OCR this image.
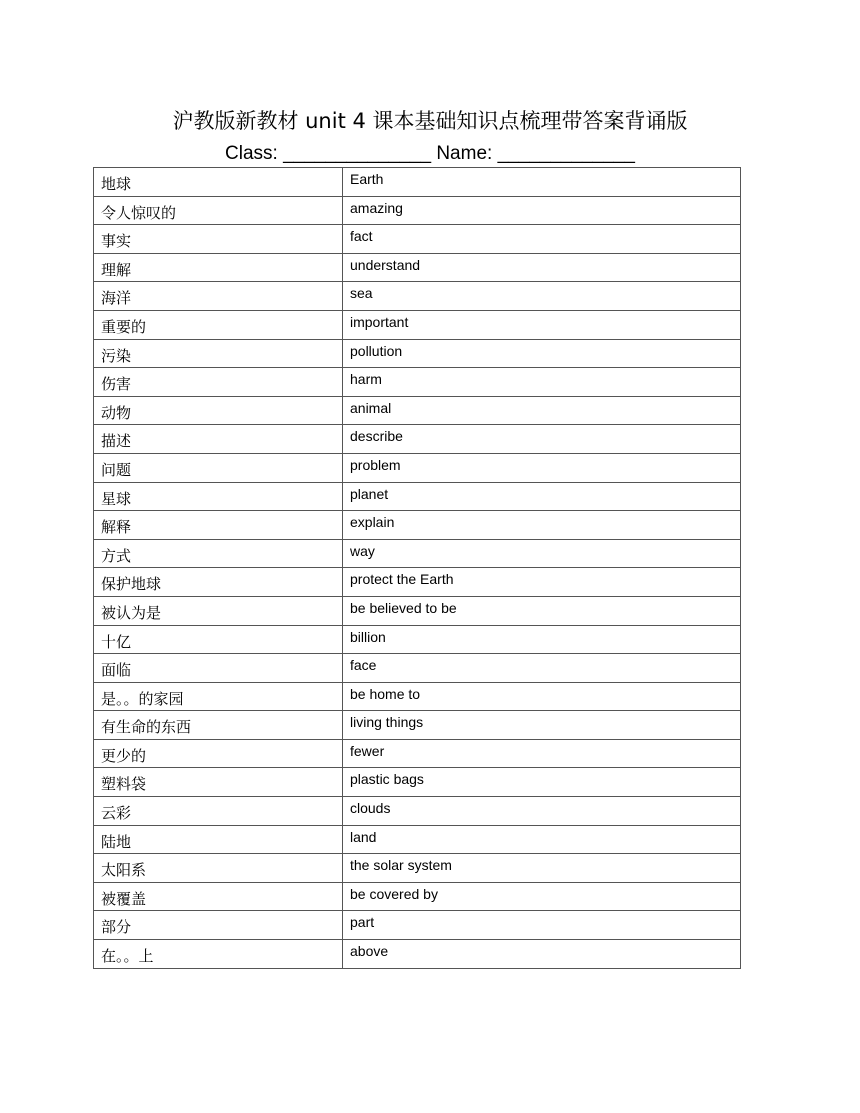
沪教版新教材 unit 4 课本基础知识点梳理带答案背诵版
Class: ______________ Name: _____________
地球	Earth
令人惊叹的	amazing
事实	fact
理解	understand
海洋	sea
重要的	important
污染	pollution
伤害	harm
动物	animal
描述	describe
问题	problem
星球	planet
解释	explain
方式	way
保护地球	protect the Earth
被认为是	be believed to be
十亿	billion
面临	face
是。。的家园	be home to
有生命的东西	living things
更少的	fewer
塑料袋	plastic bags
云彩	clouds
陆地	land
太阳系	the solar system
被覆盖	be covered by
部分	part
在。。上	above
